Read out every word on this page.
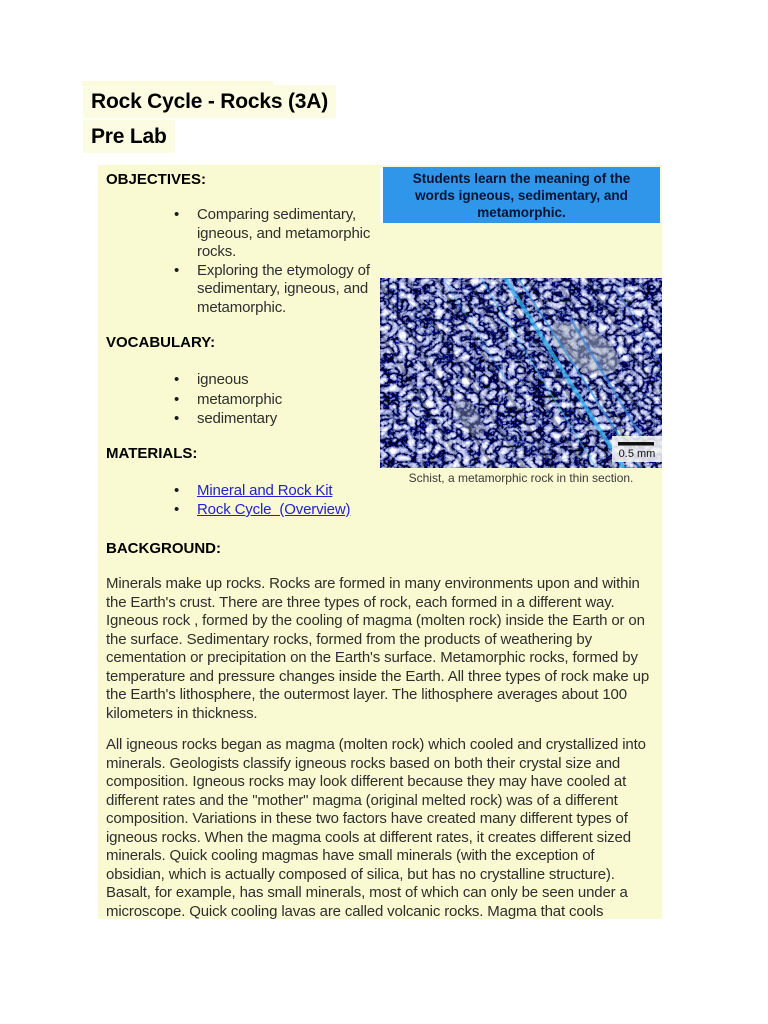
Rock Cycle - Rocks (3A)
Pre Lab
OBJECTIVES:
• Comparing sedimentary, igneous, and metamorphic rocks.
• Exploring the etymology of sedimentary, igneous, and metamorphic.
VOCABULARY:
• igneous
• metamorphic
• sedimentary
MATERIALS:
• Mineral and Rock Kit
• Rock Cycle  (Overview)
BACKGROUND:
Minerals make up rocks. Rocks are formed in many environments upon and within the Earth's crust. There are three types of rock, each formed in a different way. Igneous rock , formed by the cooling of magma (molten rock) inside the Earth or on the surface. Sedimentary rocks, formed from the products of weathering by cementation or precipitation on the Earth's surface. Metamorphic rocks, formed by temperature and pressure changes inside the Earth. All three types of rock make up the Earth's lithosphere, the outermost layer. The lithosphere averages about 100 kilometers in thickness.
All igneous rocks began as magma (molten rock) which cooled and crystallized into minerals. Geologists classify igneous rocks based on both their crystal size and composition. Igneous rocks may look different because they may have cooled at different rates and the "mother" magma (original melted rock) was of a different composition. Variations in these two factors have created many different types of igneous rocks. When the magma cools at different rates, it creates different sized minerals. Quick cooling magmas have small minerals (with the exception of obsidian, which is actually composed of silica, but has no crystalline structure). Basalt, for example, has small minerals, most of which can only be seen under a microscope. Quick cooling lavas are called volcanic rocks. Magma that cools
Students learn the meaning of the words igneous, sedimentary, and metamorphic.
0.5 mm
Schist, a metamorphic rock in thin section.
